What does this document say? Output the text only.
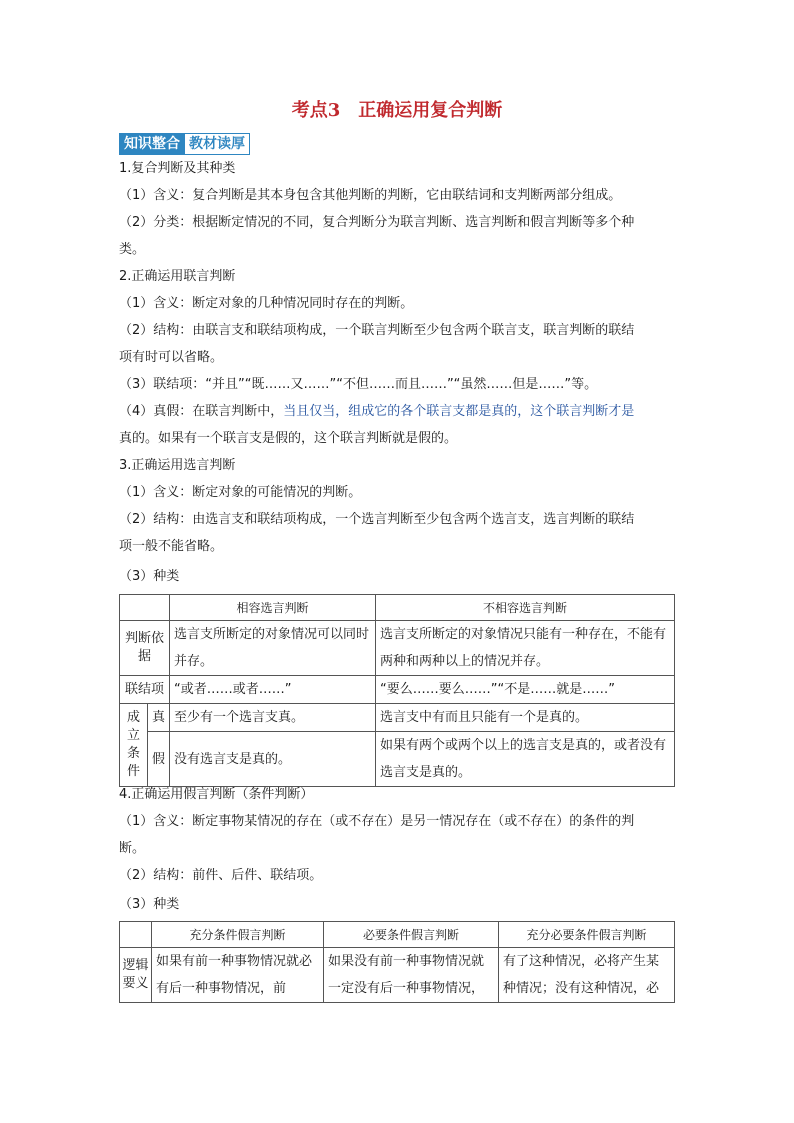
考点3　正确运用复合判断
知识整合 教材读厚
1.复合判断及其种类
（1）含义：复合判断是其本身包含其他判断的判断，它由联结词和支判断两部分组成。
（2）分类：根据断定情况的不同，复合判断分为联言判断、选言判断和假言判断等多个种
类。
2.正确运用联言判断
（1）含义：断定对象的几种情况同时存在的判断。
（2）结构：由联言支和联结项构成，一个联言判断至少包含两个联言支，联言判断的联结
项有时可以省略。
（3）联结项：“并且”“既……又……”“不但……而且……”“虽然……但是……”等。
（4）真假：在联言判断中，当且仅当，组成它的各个联言支都是真的，这个联言判断才是
真的。如果有一个联言支是假的，这个联言判断就是假的。
3.正确运用选言判断
（1）含义：断定对象的可能情况的判断。
（2）结构：由选言支和联结项构成，一个选言判断至少包含两个选言支，选言判断的联结
项一般不能省略。
（3）种类
		相容选言判断	不相容选言判断
判断依据		选言支所断定的对象情况可以同时并存。	选言支所断定的对象情况只能有一种存在，不能有两种和两种以上的情况并存。
联结项		“或者……或者……”	“要么……要么……”“不是……就是……”
成立条件	真	至少有一个选言支真。	选言支中有而且只能有一个是真的。
	假	没有选言支是真的。	如果有两个或两个以上的选言支是真的，或者没有选言支是真的。
4.正确运用假言判断（条件判断）
（1）含义：断定事物某情况的存在（或不存在）是另一情况存在（或不存在）的条件的判
断。
（2）结构：前件、后件、联结项。
（3）种类
	充分条件假言判断	必要条件假言判断	充分必要条件假言判断
逻辑要义	如果有前一种事物情况就必有后一种事物情况，前	如果没有前一种事物情况就一定没有后一种事物情况，	有了这种情况，必将产生某种情况；没有这种情况，必
